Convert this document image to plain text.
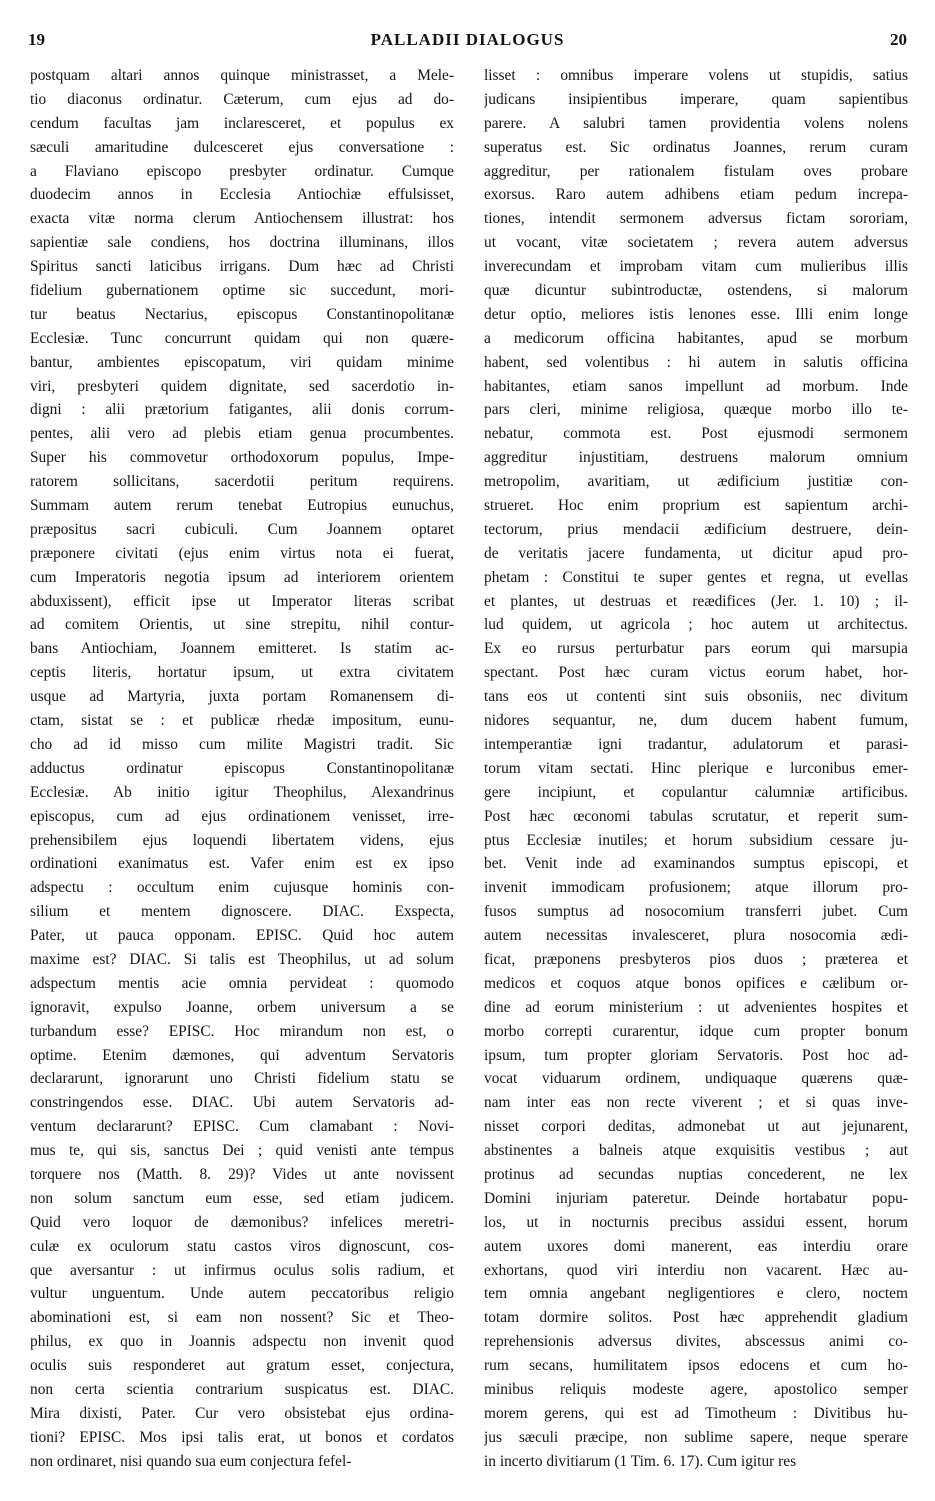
19	PALLADII DIALOGUS	20
postquam altari annos quinque ministrasset, a Mele-
tio diaconus ordinatur. Cæterum, cum ejus ad do-
cendum facultas jam inclaresceret, et populus ex
sæculi amaritudine dulcesceret ejus conversatione :
a Flaviano episcopo presbyter ordinatur. Cumque
duodecim annos in Ecclesia Antiochiæ effulsisset,
exacta vitæ norma clerum Antiochensem illustrat: hos
sapientiæ sale condiens, hos doctrina illuminans, illos
Spiritus sancti laticibus irrigans. Dum hæc ad Christi
fidelium gubernationem optime sic succedunt, mori-
tur beatus Nectarius, episcopus Constantinopolitanæ
Ecclesiæ. Tunc concurrunt quidam qui non quære-
bantur, ambientes episcopatum, viri quidam minime
viri, presbyteri quidem dignitate, sed sacerdotio in-
digni : alii prætorium fatigantes, alii donis corrum-
pentes, alii vero ad plebis etiam genua procumbentes.
Super his commovetur orthodoxorum populus, Impe-
ratorem sollicitans, sacerdotii peritum requirens.
Summam autem rerum tenebat Eutropius eunuchus,
præpositus sacri cubiculi. Cum Joannem optaret
præponere civitati (ejus enim virtus nota ei fuerat,
cum Imperatoris negotia ipsum ad interiorem orientem
abduxissent), efficit ipse ut Imperator literas scribat
ad comitem Orientis, ut sine strepitu, nihil contur-
bans Antiochiam, Joannem emitteret. Is statim ac-
ceptis literis, hortatur ipsum, ut extra civitatem
usque ad Martyria, juxta portam Romanensem di-
ctam, sistat se : et publicæ rhedæ impositum, eunu-
cho ad id misso cum milite Magistri tradit. Sic
adductus ordinatur episcopus Constantinopolitanæ
Ecclesiæ. Ab initio igitur Theophilus, Alexandrinus
episcopus, cum ad ejus ordinationem venisset, irre-
prehensibilem ejus loquendi libertatem videns, ejus
ordinationi exanimatus est. Vafer enim est ex ipso
adspectu : occultum enim cujusque hominis con-
silium et mentem dignoscere. DIAC. Exspecta,
Pater, ut pauca opponam. EPISC. Quid hoc autem
maxime est? DIAC. Si talis est Theophilus, ut ad solum
adspectum mentis acie omnia pervideat : quomodo
ignoravit, expulso Joanne, orbem universum a se
turbandum esse? EPISC. Hoc mirandum non est, o
optime. Etenim dæmones, qui adventum Servatoris
declararunt, ignorarunt uno Christi fidelium statu se
constringendos esse. DIAC. Ubi autem Servatoris ad-
ventum declararunt? EPISC. Cum clamabant : Novi-
mus te, qui sis, sanctus Dei ; quid venisti ante tempus
torquere nos (Matth. 8. 29)? Vides ut ante novissent
non solum sanctum eum esse, sed etiam judicem.
Quid vero loquor de dæmonibus? infelices meretri-
culæ ex oculorum statu castos viros dignoscunt, cos-
que aversantur : ut infirmus oculus solis radium, et
vultur unguentum. Unde autem peccatoribus religio
abominationi est, si eam non nossent? Sic et Theo-
philus, ex quo in Joannis adspectu non invenit quod
oculis suis responderet aut gratum esset, conjectura,
non certa scientia contrarium suspicatus est. DIAC.
Mira dixisti, Pater. Cur vero obsistebat ejus ordina-
tioni? EPISC. Mos ipsi talis erat, ut bonos et cordatos
non ordinaret, nisi quando sua eum conjectura fefel-
lisset : omnibus imperare volens ut stupidis, satius
judicans insipientibus imperare, quam sapientibus
parere. A salubri tamen providentia volens nolens
superatus est. Sic ordinatus Joannes, rerum curam
aggreditur, per rationalem fistulam oves probare
exorsus. Raro autem adhibens etiam pedum increpa-
tiones, intendit sermonem adversus fictam sororiam,
ut vocant, vitæ societatem ; revera autem adversus
inverecundam et improbam vitam cum mulieribus illis
quæ dicuntur subintroductæ, ostendens, si malorum
detur optio, meliores istis lenones esse. Illi enim longe
a medicorum officina habitantes, apud se morbum
habent, sed volentibus : hi autem in salutis officina
habitantes, etiam sanos impellunt ad morbum. Inde
pars cleri, minime religiosa, quæque morbo illo te-
nebatur, commota est. Post ejusmodi sermonem
aggreditur injustitiam, destruens malorum omnium
metropolim, avaritiam, ut ædificium justitiæ con-
strueret. Hoc enim proprium est sapientum archi-
tectorum, prius mendacii ædificium destruere, dein-
de veritatis jacere fundamenta, ut dicitur apud pro-
phetam : Constitui te super gentes et regna, ut evellas
et plantes, ut destruas et reædifices (Jer. 1. 10) ; il-
lud quidem, ut agricola ; hoc autem ut architectus.
Ex eo rursus perturbatur pars eorum qui marsupia
spectant. Post hæc curam victus eorum habet, hor-
tans eos ut contenti sint suis obsoniis, nec divitum
nidores sequantur, ne, dum ducem habent fumum,
intemperantiæ igni tradantur, adulatorum et parasi-
torum vitam sectati. Hinc plerique e lurconibus emer-
gere incipiunt, et copulantur calumniæ artificibus.
Post hæc œconomi tabulas scrutatur, et reperit sum-
ptus Ecclesiæ inutiles; et horum subsidium cessare ju-
bet. Venit inde ad examinandos sumptus episcopi, et
invenit immodicam profusionem; atque illorum pro-
fusos sumptus ad nosocomium transferri jubet. Cum
autem necessitas invalesceret, plura nosocomia ædi-
ficat, præponens presbyteros pios duos ; præterea et
medicos et coquos atque bonos opifices e cælibum or-
dine ad eorum ministerium : ut advenientes hospites et
morbo correpti curarentur, idque cum propter bonum
ipsum, tum propter gloriam Servatoris. Post hoc ad-
vocat viduarum ordinem, undiquaque quærens quæ-
nam inter eas non recte viverent ; et si quas inve-
nisset corpori deditas, admonebat ut aut jejunarent,
abstinentes a balneis atque exquisitis vestibus ; aut
protinus ad secundas nuptias concederent, ne lex
Domini injuriam pateretur. Deinde hortabatur popu-
los, ut in nocturnis precibus assidui essent, horum
autem uxores domi manerent, eas interdiu orare
exhortans, quod viri interdiu non vacarent. Hæc au-
tem omnia angebant negligentiores e clero, noctem
totam dormire solitos. Post hæc apprehendit gladium
reprehensionis adversus divites, abscessus animi co-
rum secans, humilitatem ipsos edocens et cum ho-
minibus reliquis modeste agere, apostolico semper
morem gerens, qui est ad Timotheum : Divitibus hu-
jus sæculi præcipe, non sublime sapere, neque sperare
in incerto divitiarum (1 Tim. 6. 17). Cum igitur res
